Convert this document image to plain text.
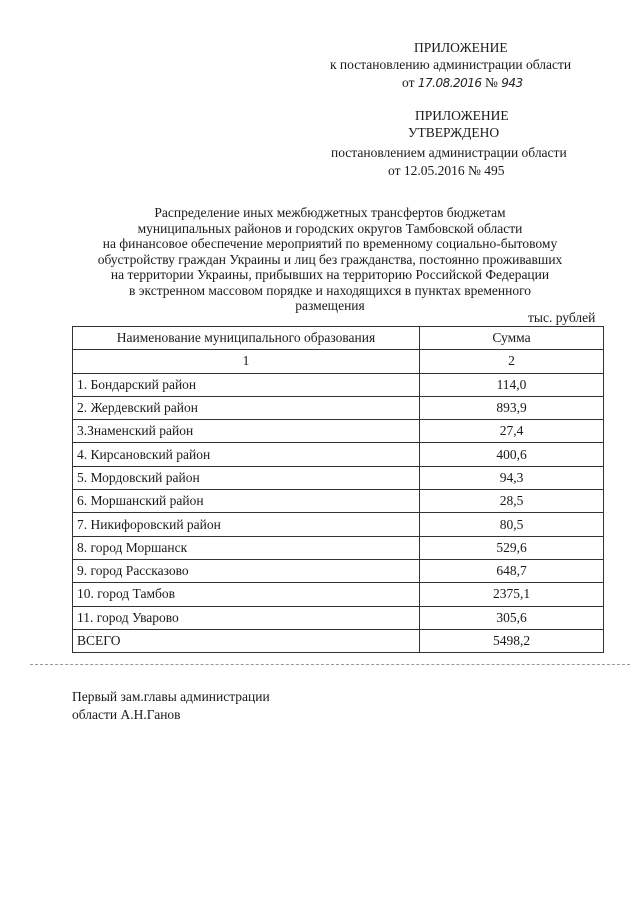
ПРИЛОЖЕНИЕ
к постановлению администрации области
от 17.08.2016 № 943
ПРИЛОЖЕНИЕ
УТВЕРЖДЕНО
постановлением администрации области
от 12.05.2016 № 495
Распределение иных межбюджетных трансфертов бюджетам
муниципальных районов и городских округов Тамбовской области
на финансовое обеспечение мероприятий по временному социально-бытовому
обустройству граждан Украины и лиц без гражданства, постоянно проживавших
на территории Украины, прибывших на территорию Российской Федерации
в экстренном массовом порядке и находящихся в пунктах временного
размещения
тыс. рублей
Наименование муниципального образования	Сумма
1	2
1. Бондарский район	114,0
2. Жердевский район	893,9
3.Знаменский район	27,4
4. Кирсановский район	400,6
5. Мордовский район	94,3
6. Моршанский район	28,5
7. Никифоровский район	80,5
8. город Моршанск	529,6
9. город Рассказово	648,7
10. город Тамбов	2375,1
11. город Уварово	305,6
ВСЕГО	5498,2
Первый зам.главы администрации
области А.Н.Ганов
